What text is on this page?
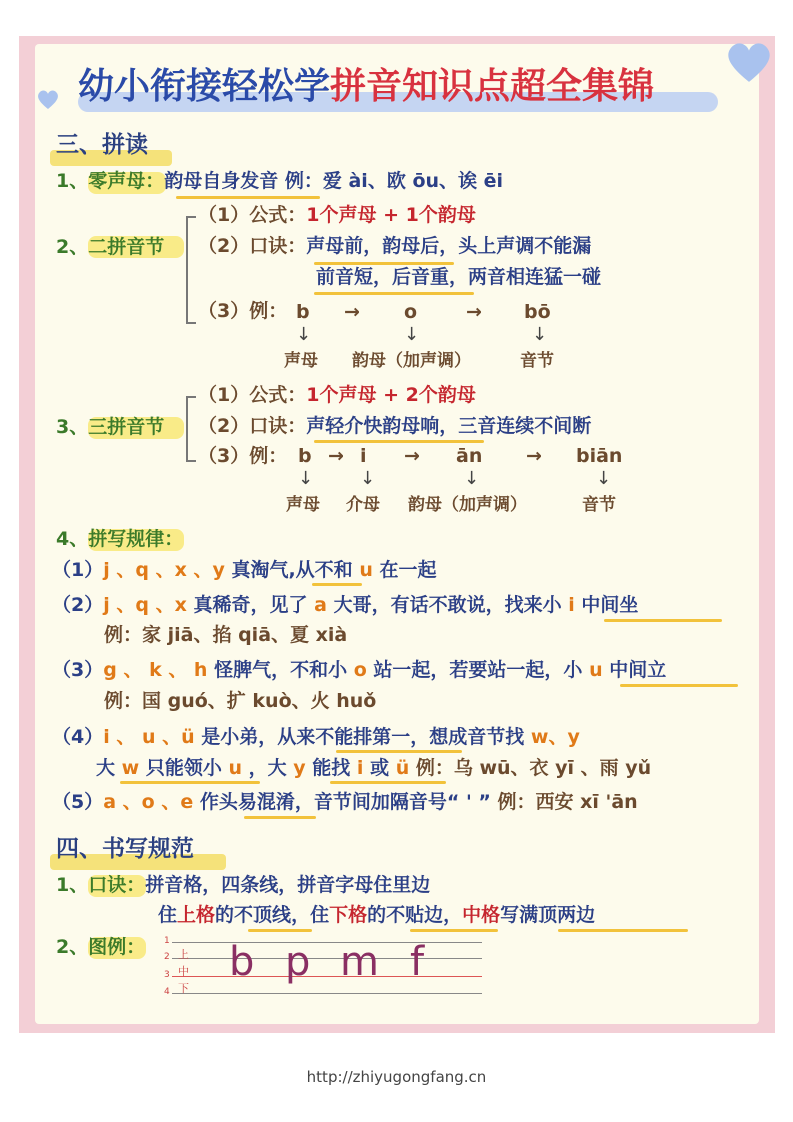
幼小衔接轻松学拼音知识点超全集锦
三、拼读
1、零声母：韵母自身发音 例：爱 ài、欧 ōu、诶 ēi
2、二拼音节
（1）公式：1个声母 + 1个韵母
（2）口诀：声母前，韵母后，头上声调不能漏
前音短，后音重，两音相连猛一碰
（3）例： b → o	→ bō
↓	↓	↓
声母 韵母（加声调）	音节
3、三拼音节
（1）公式：1个声母 + 2个韵母
（2）口诀：声轻介快韵母响，三音连续不间断
（3）例： b → i → ān → biān
↓	↓	↓	↓
声母 介母 韵母（加声调）	音节
4、拼写规律：
（1）j 、q 、x 、y 真淘气,从不和 u 在一起
（2）j 、q 、x 真稀奇，见了 a 大哥，有话不敢说，找来小 i 中间坐
例：家 jiā、掐 qiā、夏 xià
（3）g 、 k 、 h 怪脾气，不和小 o 站一起，若要站一起，小 u 中间立
例：国 guó、扩 kuò、火 huǒ
（4）i 、 u 、ü 是小弟，从来不能排第一，想成音节找 w、y
大 w 只能领小 u ，大 y 能找 i 或 ü 例：乌 wū、衣 yī 、雨 yǔ
（5）a 、o 、e 作头易混淆，音节间加隔音号“ ' ” 例：西安 xī 'ān
四、书写规范
1、口诀：拼音格，四条线，拼音字母住里边
住上格的不顶线，住下格的不贴边，中格写满顶两边
2、图例： 1
2
3
4
上
中
下
b p m f
http://zhiyugongfang.cn
